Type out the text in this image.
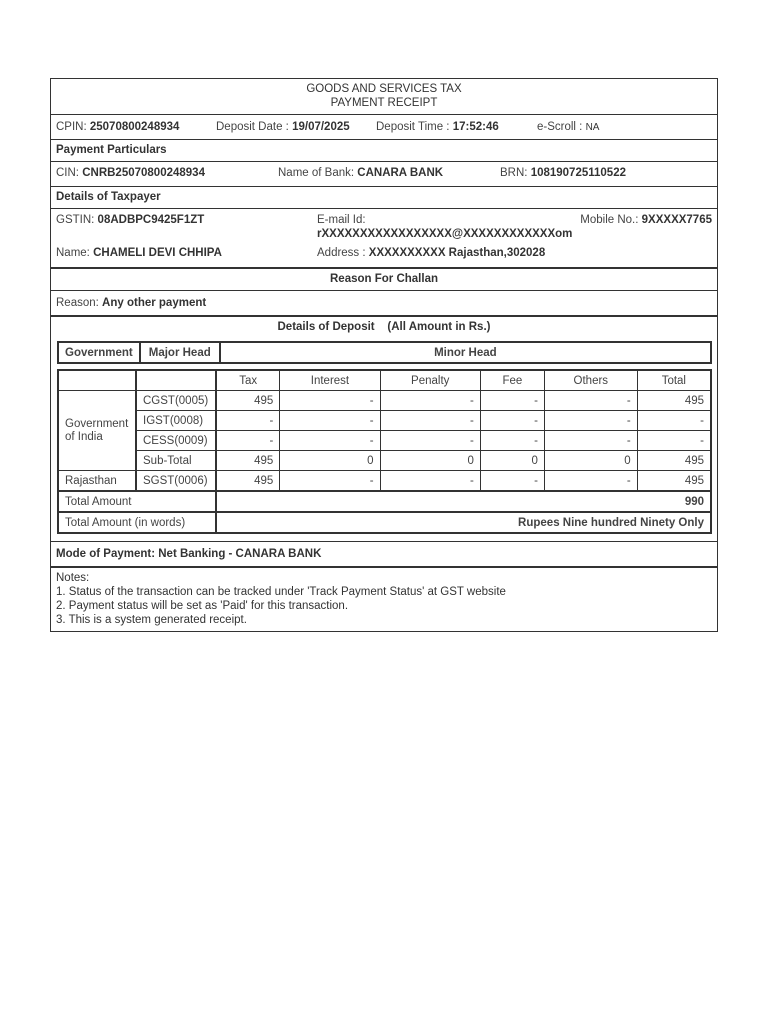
GOODS AND SERVICES TAX
PAYMENT RECEIPT
CPIN: 25070800248934	Deposit Date : 19/07/2025 Deposit Time : 17:52:46	e-Scroll : NA
Payment Particulars
CIN: CNRB25070800248934	Name of Bank: CANARA BANK	BRN: 108190725110522
Details of Taxpayer
GSTIN: 08ADBPC9425F1ZT	E-mail Id:
rXXXXXXXXXXXXXXXXX@XXXXXXXXXXXXom
Mobile No.: 9XXXXX7765
Name: CHAMELI DEVI CHHIPA	Address : XXXXXXXXXX Rajasthan,302028
Reason For Challan
Reason: Any other payment
Details of Deposit    (All Amount in Rs.)
Government	Major Head	Minor Head
		Tax	Interest	Penalty	Fee	Others	Total
Government of India	CGST(0005)	495	-	-	-	-	495
	IGST(0008)	-	-	-	-	-	-
	CESS(0009)	-	-	-	-	-	-
	Sub-Total	495	0	0	0	0	495
Rajasthan	SGST(0006)	495	-	-	-	-	495
Total Amount		990					
Total Amount (in words)		Rupees Nine hundred Ninety Only					
Mode of Payment: Net Banking - CANARA BANK
Notes:
1. Status of the transaction can be tracked under 'Track Payment Status' at GST website
2. Payment status will be set as 'Paid' for this transaction.
3. This is a system generated receipt.
